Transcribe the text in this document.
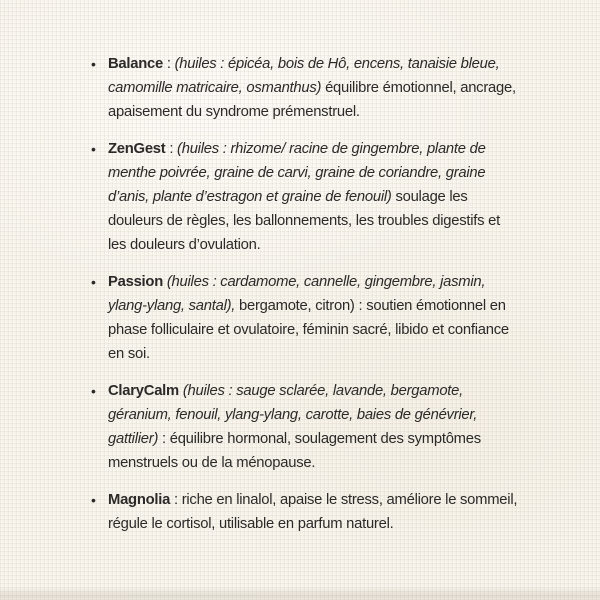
• Balance : (huiles : épicéa, bois de Hô, encens, tanaisie bleue, camomille matricaire, osmanthus) équilibre émotionnel, ancrage, apaisement du syndrome prémenstruel.
• ZenGest : (huiles : rhizome/ racine de gingembre, plante de menthe poivrée, graine de carvi, graine de coriandre, graine d’anis, plante d’estragon et graine de fenouil) soulage les douleurs de règles, les ballonnements, les troubles digestifs et les douleurs d’ovulation.
• Passion (huiles : cardamome, cannelle, gingembre, jasmin, ylang-ylang, santal), bergamote, citron) : soutien émotionnel en phase folliculaire et ovulatoire, féminin sacré, libido et confiance en soi.
• ClaryCalm (huiles : sauge sclarée, lavande, bergamote, géranium, fenouil, ylang-ylang, carotte, baies de génévrier, gattilier) : équilibre hormonal, soulagement des symptômes menstruels ou de la ménopause.
• Magnolia : riche en linalol, apaise le stress, améliore le sommeil, régule le cortisol, utilisable en parfum naturel.
